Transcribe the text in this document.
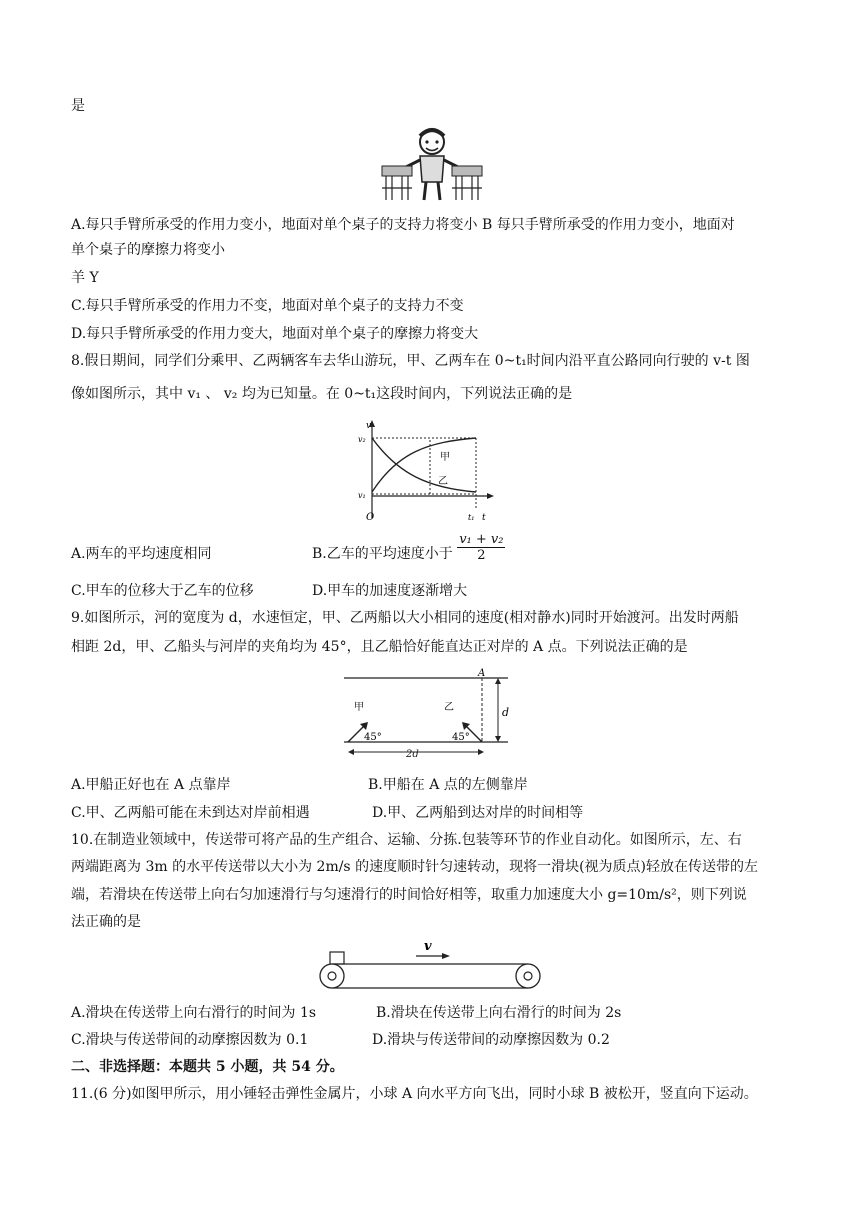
是
A.每只手臂所承受的作用力变小，地面对单个桌子的支持力将变小 B 每只手臂所承受的作用力变小，地面对
单个桌子的摩擦力将变小
羊 Y
C.每只手臂所承受的作用力不变，地面对单个桌子的支持力不变
D.每只手臂所承受的作用力变大，地面对单个桌子的摩擦力将变大
8.假日期间，同学们分乘甲、乙两辆客车去华山游玩，甲、乙两车在 0~t₁时间内沿平直公路同向行驶的 v-t 图
像如图所示，其中 v₁ 、 v₂ 均为已知量。在 0~t₁这段时间内，下列说法正确的是
v
v₂
v₁
O	t₁ t
甲
乙
A.两车的平均速度相同	B.乙车的平均速度小于 $\frac{\text{v₁ + v₂}}{2}$
C.甲车的位移大于乙车的位移	D.甲车的加速度逐渐增大
9.如图所示，河的宽度为 d，水速恒定，甲、乙两船以大小相同的速度(相对静水)同时开始渡河。出发时两船
相距 2d，甲、乙船头与河岸的夹角均为 45°，且乙船恰好能直达正对岸的 A 点。下列说法正确的是
A
d
甲	乙
45°	45°
2d
A.甲船正好也在 A 点靠岸	B.甲船在 A 点的左侧靠岸
C.甲、乙两船可能在未到达对岸前相遇	D.甲、乙两船到达对岸的时间相等
10.在制造业领域中，传送带可将产品的生产组合、运输、分拣.包装等环节的作业自动化。如图所示，左、右
两端距离为 3m 的水平传送带以大小为 2m/s 的速度顺时针匀速转动，现将一滑块(视为质点)轻放在传送带的左
端，若滑块在传送带上向右匀加速滑行与匀速滑行的时间恰好相等，取重力加速度大小 g=10m/s²，则下列说
法正确的是
v
A.滑块在传送带上向右滑行的时间为 1s	B.滑块在传送带上向右滑行的时间为 2s
C.滑块与传送带间的动摩擦因数为 0.1	D.滑块与传送带间的动摩擦因数为 0.2
二、非选择题：本题共 5 小题，共 54 分。
11.(6 分)如图甲所示，用小锤轻击弹性金属片，小球 A 向水平方向飞出，同时小球 B 被松开，竖直向下运动。
